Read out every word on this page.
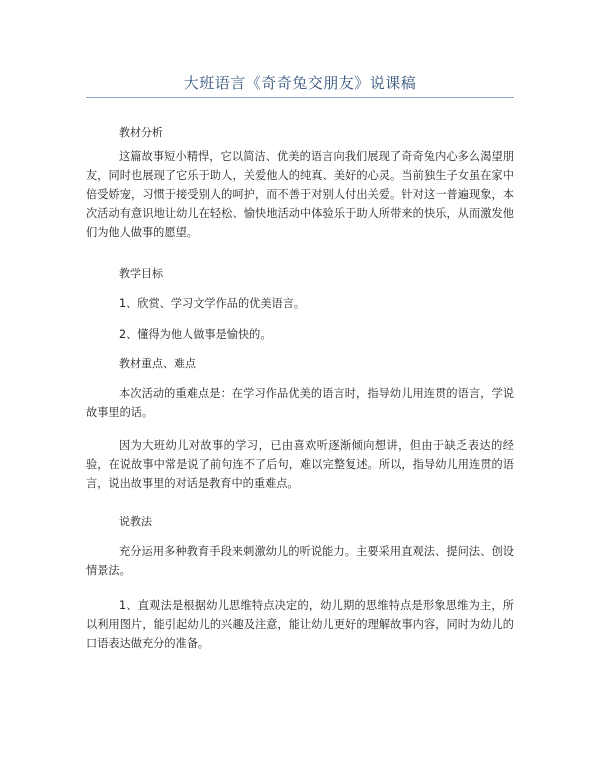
大班语言《奇奇兔交朋友》说课稿
教材分析

这篇故事短小精悍，它以简洁、优美的语言向我们展现了奇奇兔内心多么渴望朋友，同时也展现了它乐于助人，关爱他人的纯真、美好的心灵。当前独生子女虽在家中倍受娇宠，习惯于接受别人的呵护，而不善于对别人付出关爱。针对这一普遍现象，本次活动有意识地让幼儿在轻松、愉快地活动中体验乐于助人所带来的快乐，从而激发他们为他人做事的愿望。

教学目标
1、欣赏、学习文学作品的优美语言。
2、懂得为他人做事是愉快的。
教材重点、难点

本次活动的重难点是：在学习作品优美的语言时，指导幼儿用连贯的语言，学说故事里的话。

因为大班幼儿对故事的学习，已由喜欢听逐渐倾向想讲，但由于缺乏表达的经验，在说故事中常是说了前句连不了后句，难以完整复述。所以，指导幼儿用连贯的语言，说出故事里的对话是教育中的重难点。

说教法

充分运用多种教育手段来刺激幼儿的听说能力。主要采用直观法、提问法、创设情景法。

1、直观法是根据幼儿思维特点决定的，幼儿期的思维特点是形象思维为主，所以利用图片，能引起幼儿的兴趣及注意，能让幼儿更好的理解故事内容，同时为幼儿的口语表达做充分的准备。
